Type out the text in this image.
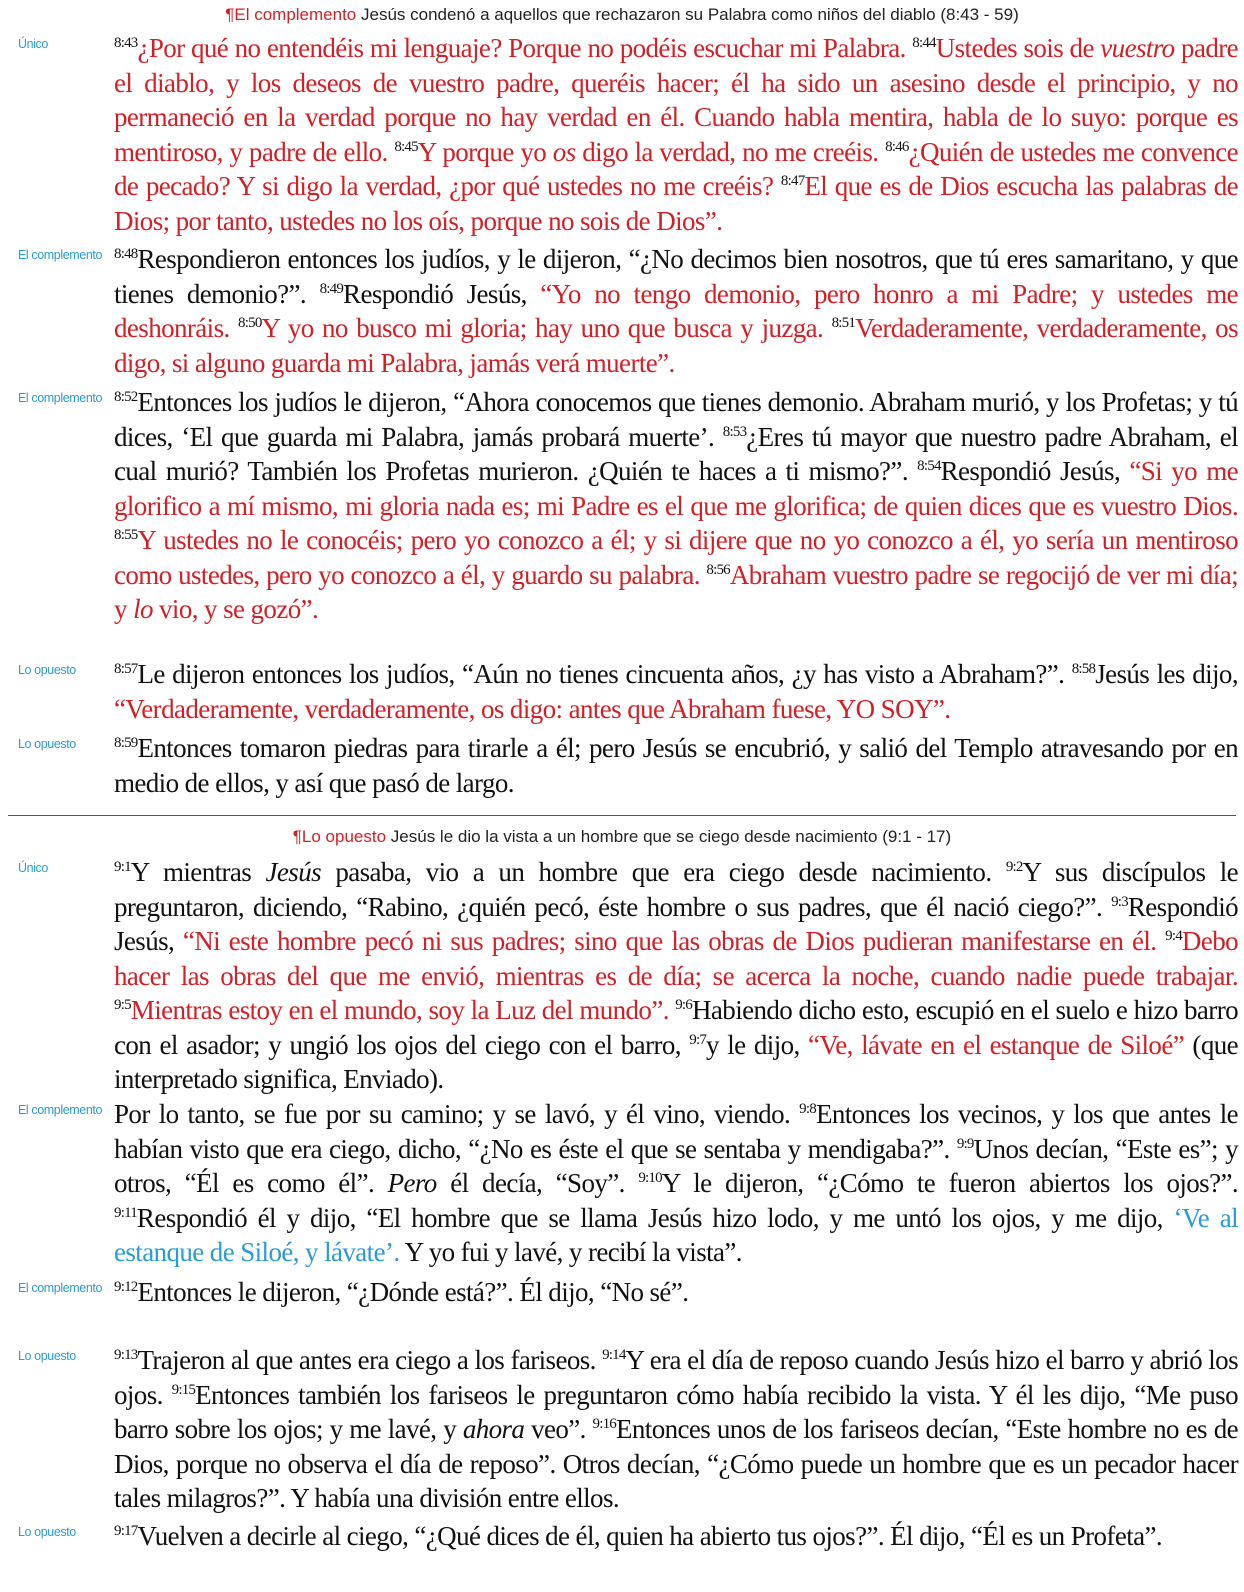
¶El complemento Jesús condenó a aquellos que rechazaron su Palabra como niños del diablo (8:43 - 59)
Único	$^{8:43}$¿Por qué no entendéis mi lenguaje? Porque no podéis escuchar mi Palabra. $^{8:44}$Ustedes sois de vuestro padre el diablo, y los deseos de vuestro padre, queréis hacer; él ha sido un asesino desde el principio, y no permaneció en la verdad porque no hay verdad en él. Cuando habla mentira, habla de lo suyo: porque es mentiroso, y padre de ello. $^{8:45}$Y porque yo os digo la verdad, no me creéis. $^{8:46}$¿Quién de ustedes me convence de pecado? Y si digo la verdad, ¿por qué ustedes no me creéis? $^{8:47}$El que es de Dios escucha las palabras de Dios; por tanto, ustedes no los oís, porque no sois de Dios”.

El complemento $^{8:48}$Respondieron entonces los judíos, y le dijeron, “¿No decimos bien nosotros, que tú eres samaritano, y que tienes demonio?”. $^{8:49}$Respondió Jesús, “Yo no tengo demonio, pero honro a mi Padre; y ustedes me deshonráis. $^{8:50}$Y yo no busco mi gloria; hay uno que busca y juzga. $^{8:51}$Verdaderamente, verdaderamente, os digo, si alguno guarda mi Palabra, jamás verá muerte”.

El complemento $^{8:52}$Entonces los judíos le dijeron, “Ahora conocemos que tienes demonio. Abraham murió, y los Profetas; y tú dices, ‘El que guarda mi Palabra, jamás probará muerte’. $^{8:53}$¿Eres tú mayor que nuestro padre Abraham, el cual murió? También los Profetas murieron. ¿Quién te haces a ti mismo?”. $^{8:54}$Respondió Jesús, “Si yo me glorifico a mí mismo, mi gloria nada es; mi Padre es el que me glorifica; de quien dices que es vuestro Dios. $^{8:55}$Y ustedes no le conocéis; pero yo conozco a él; y si dijere que no yo conozco a él, yo sería un mentiroso como ustedes, pero yo conozco a él, y guardo su palabra. $^{8:56}$Abraham vuestro padre se regocijó de ver mi día; y lo vio, y se gozó”.

Lo opuesto	$^{8:57}$Le dijeron entonces los judíos, “Aún no tienes cincuenta años, ¿y has visto a Abraham?”. $^{8:58}$Jesús les dijo, “Verdaderamente, verdaderamente, os digo: antes que Abraham fuese, YO SOY”.

Lo opuesto	$^{8:59}$Entonces tomaron piedras para tirarle a él; pero Jesús se encubrió, y salió del Templo atravesando por en medio de ellos, y así que pasó de largo.

¶Lo opuesto Jesús le dio la vista a un hombre que se ciego desde nacimiento (9:1 - 17)
Único	$^{9:1}$Y mientras Jesús pasaba, vio a un hombre que era ciego desde nacimiento. $^{9:2}$Y sus discípulos le preguntaron, diciendo, “Rabino, ¿quién pecó, éste hombre o sus padres, que él nació ciego?”. $^{9:3}$Respondió Jesús, “Ni este hombre pecó ni sus padres; sino que las obras de Dios pudieran manifestarse en él. $^{9:4}$Debo hacer las obras del que me envió, mientras es de día; se acerca la noche, cuando nadie puede trabajar. $^{9:5}$Mientras estoy en el mundo, soy la Luz del mundo”. $^{9:6}$Habiendo dicho esto, escupió en el suelo e hizo barro con el asador; y ungió los ojos del ciego con el barro, $^{9:7}$y le dijo, “Ve, lávate en el estanque de Siloé” (que interpretado significa, Enviado).

El complemento Por lo tanto, se fue por su camino; y se lavó, y él vino, viendo. $^{9:8}$Entonces los vecinos, y los que antes le habían visto que era ciego, dicho, “¿No es éste el que se sentaba y mendigaba?”. $^{9:9}$Unos decían, “Este es”; y otros, “Él es como él”. Pero él decía, “Soy”. $^{9:10}$Y le dijeron, “¿Cómo te fueron abiertos los ojos?”. $^{9:11}$Respondió él y dijo, “El hombre que se llama Jesús hizo lodo, y me untó los ojos, y me dijo, ‘Ve al estanque de Siloé, y lávate’. Y yo fui y lavé, y recibí la vista”.

El complemento $^{9:12}$Entonces le dijeron, “¿Dónde está?”. Él dijo, “No sé”.

Lo opuesto	$^{9:13}$Trajeron al que antes era ciego a los fariseos. $^{9:14}$Y era el día de reposo cuando Jesús hizo el barro y abrió los ojos. $^{9:15}$Entonces también los fariseos le preguntaron cómo había recibido la vista. Y él les dijo, “Me puso barro sobre los ojos; y me lavé, y ahora veo”. $^{9:16}$Entonces unos de los fariseos decían, “Este hombre no es de Dios, porque no observa el día de reposo”. Otros decían, “¿Cómo puede un hombre que es un pecador hacer tales milagros?”. Y había una división entre ellos.

Lo opuesto	$^{9:17}$Vuelven a decirle al ciego, “¿Qué dices de él, quien ha abierto tus ojos?”. Él dijo, “Él es un Profeta”.
